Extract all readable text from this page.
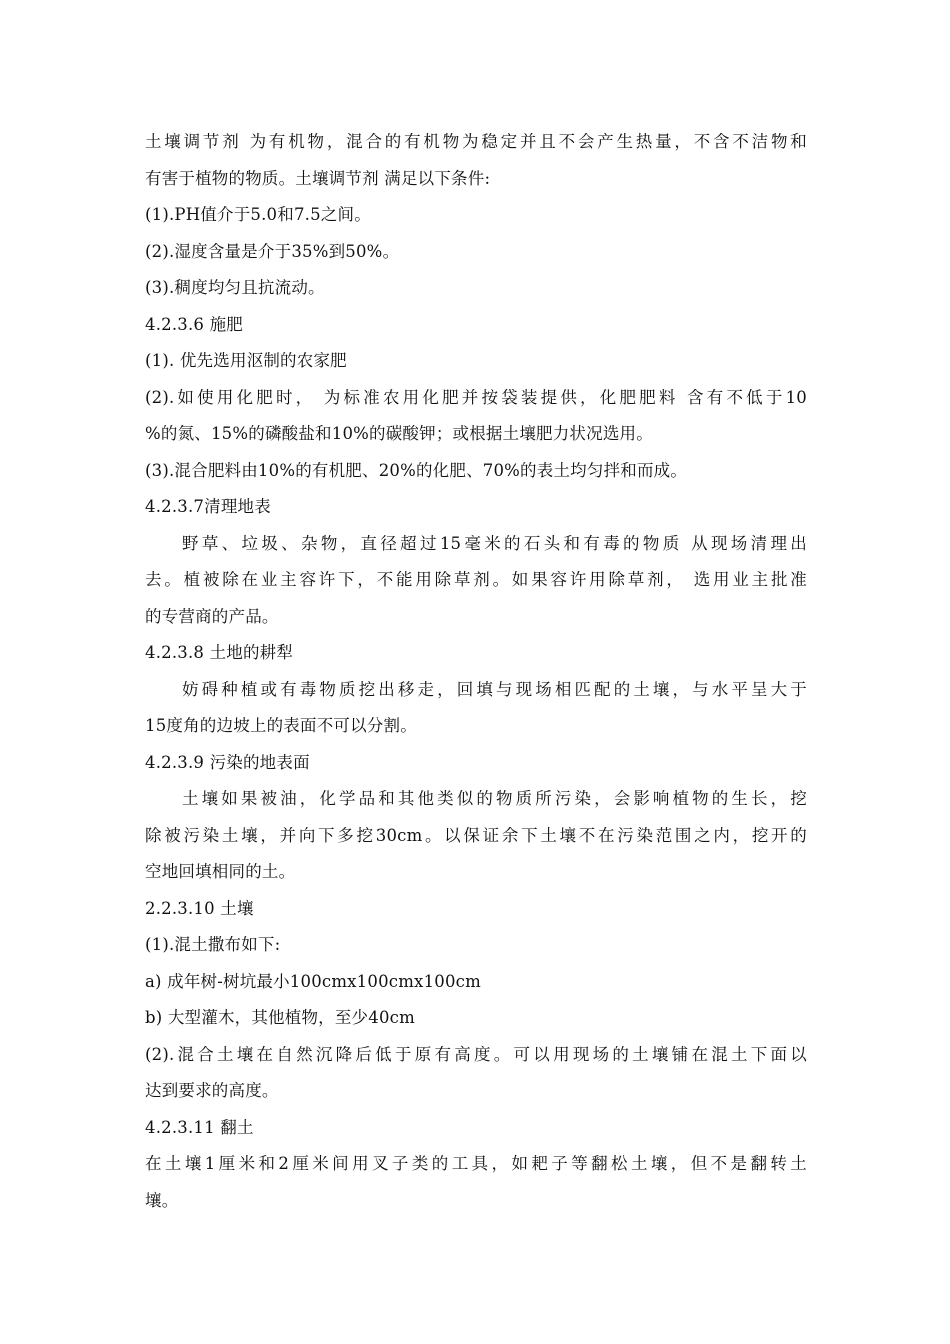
土壤调节剂 为有机物，混合的有机物为稳定并且不会产生热量，不含不洁物和
有害于植物的物质。土壤调节剂 满足以下条件:
(1).PH值介于5.0和7.5之间。
(2).湿度含量是介于35%到50%。
(3).稠度均匀且抗流动。
4.2.3.6 施肥
(1). 优先选用沤制的农家肥
(2).如使用化肥时， 为标准农用化肥并按袋装提供，化肥肥料 含有不低于10
%的氮、15%的磷酸盐和10%的碳酸钾；或根据土壤肥力状况选用。
(3).混合肥料由10%的有机肥、20%的化肥、70%的表土均匀拌和而成。
4.2.3.7清理地表
野草、垃圾、杂物，直径超过15毫米的石头和有毒的物质 从现场清理出
去。植被除在业主容许下，不能用除草剂。如果容许用除草剂， 选用业主批准
的专营商的产品。
4.2.3.8 土地的耕犁
妨碍种植或有毒物质挖出移走，回填与现场相匹配的土壤，与水平呈大于
15度角的边坡上的表面不可以分割。
4.2.3.9 污染的地表面
土壤如果被油，化学品和其他类似的物质所污染，会影响植物的生长，挖
除被污染土壤，并向下多挖30cm。以保证余下土壤不在污染范围之内，挖开的
空地回填相同的土。
2.2.3.10 土壤
(1).混土撒布如下:
a) 成年树-树坑最小100cmx100cmx100cm
b) 大型灌木，其他植物，至少40cm
(2).混合土壤在自然沉降后低于原有高度。可以用现场的土壤铺在混土下面以
达到要求的高度。
4.2.3.11 翻土
在土壤1厘米和2厘米间用叉子类的工具，如耙子等翻松土壤，但不是翻转土
壤。
